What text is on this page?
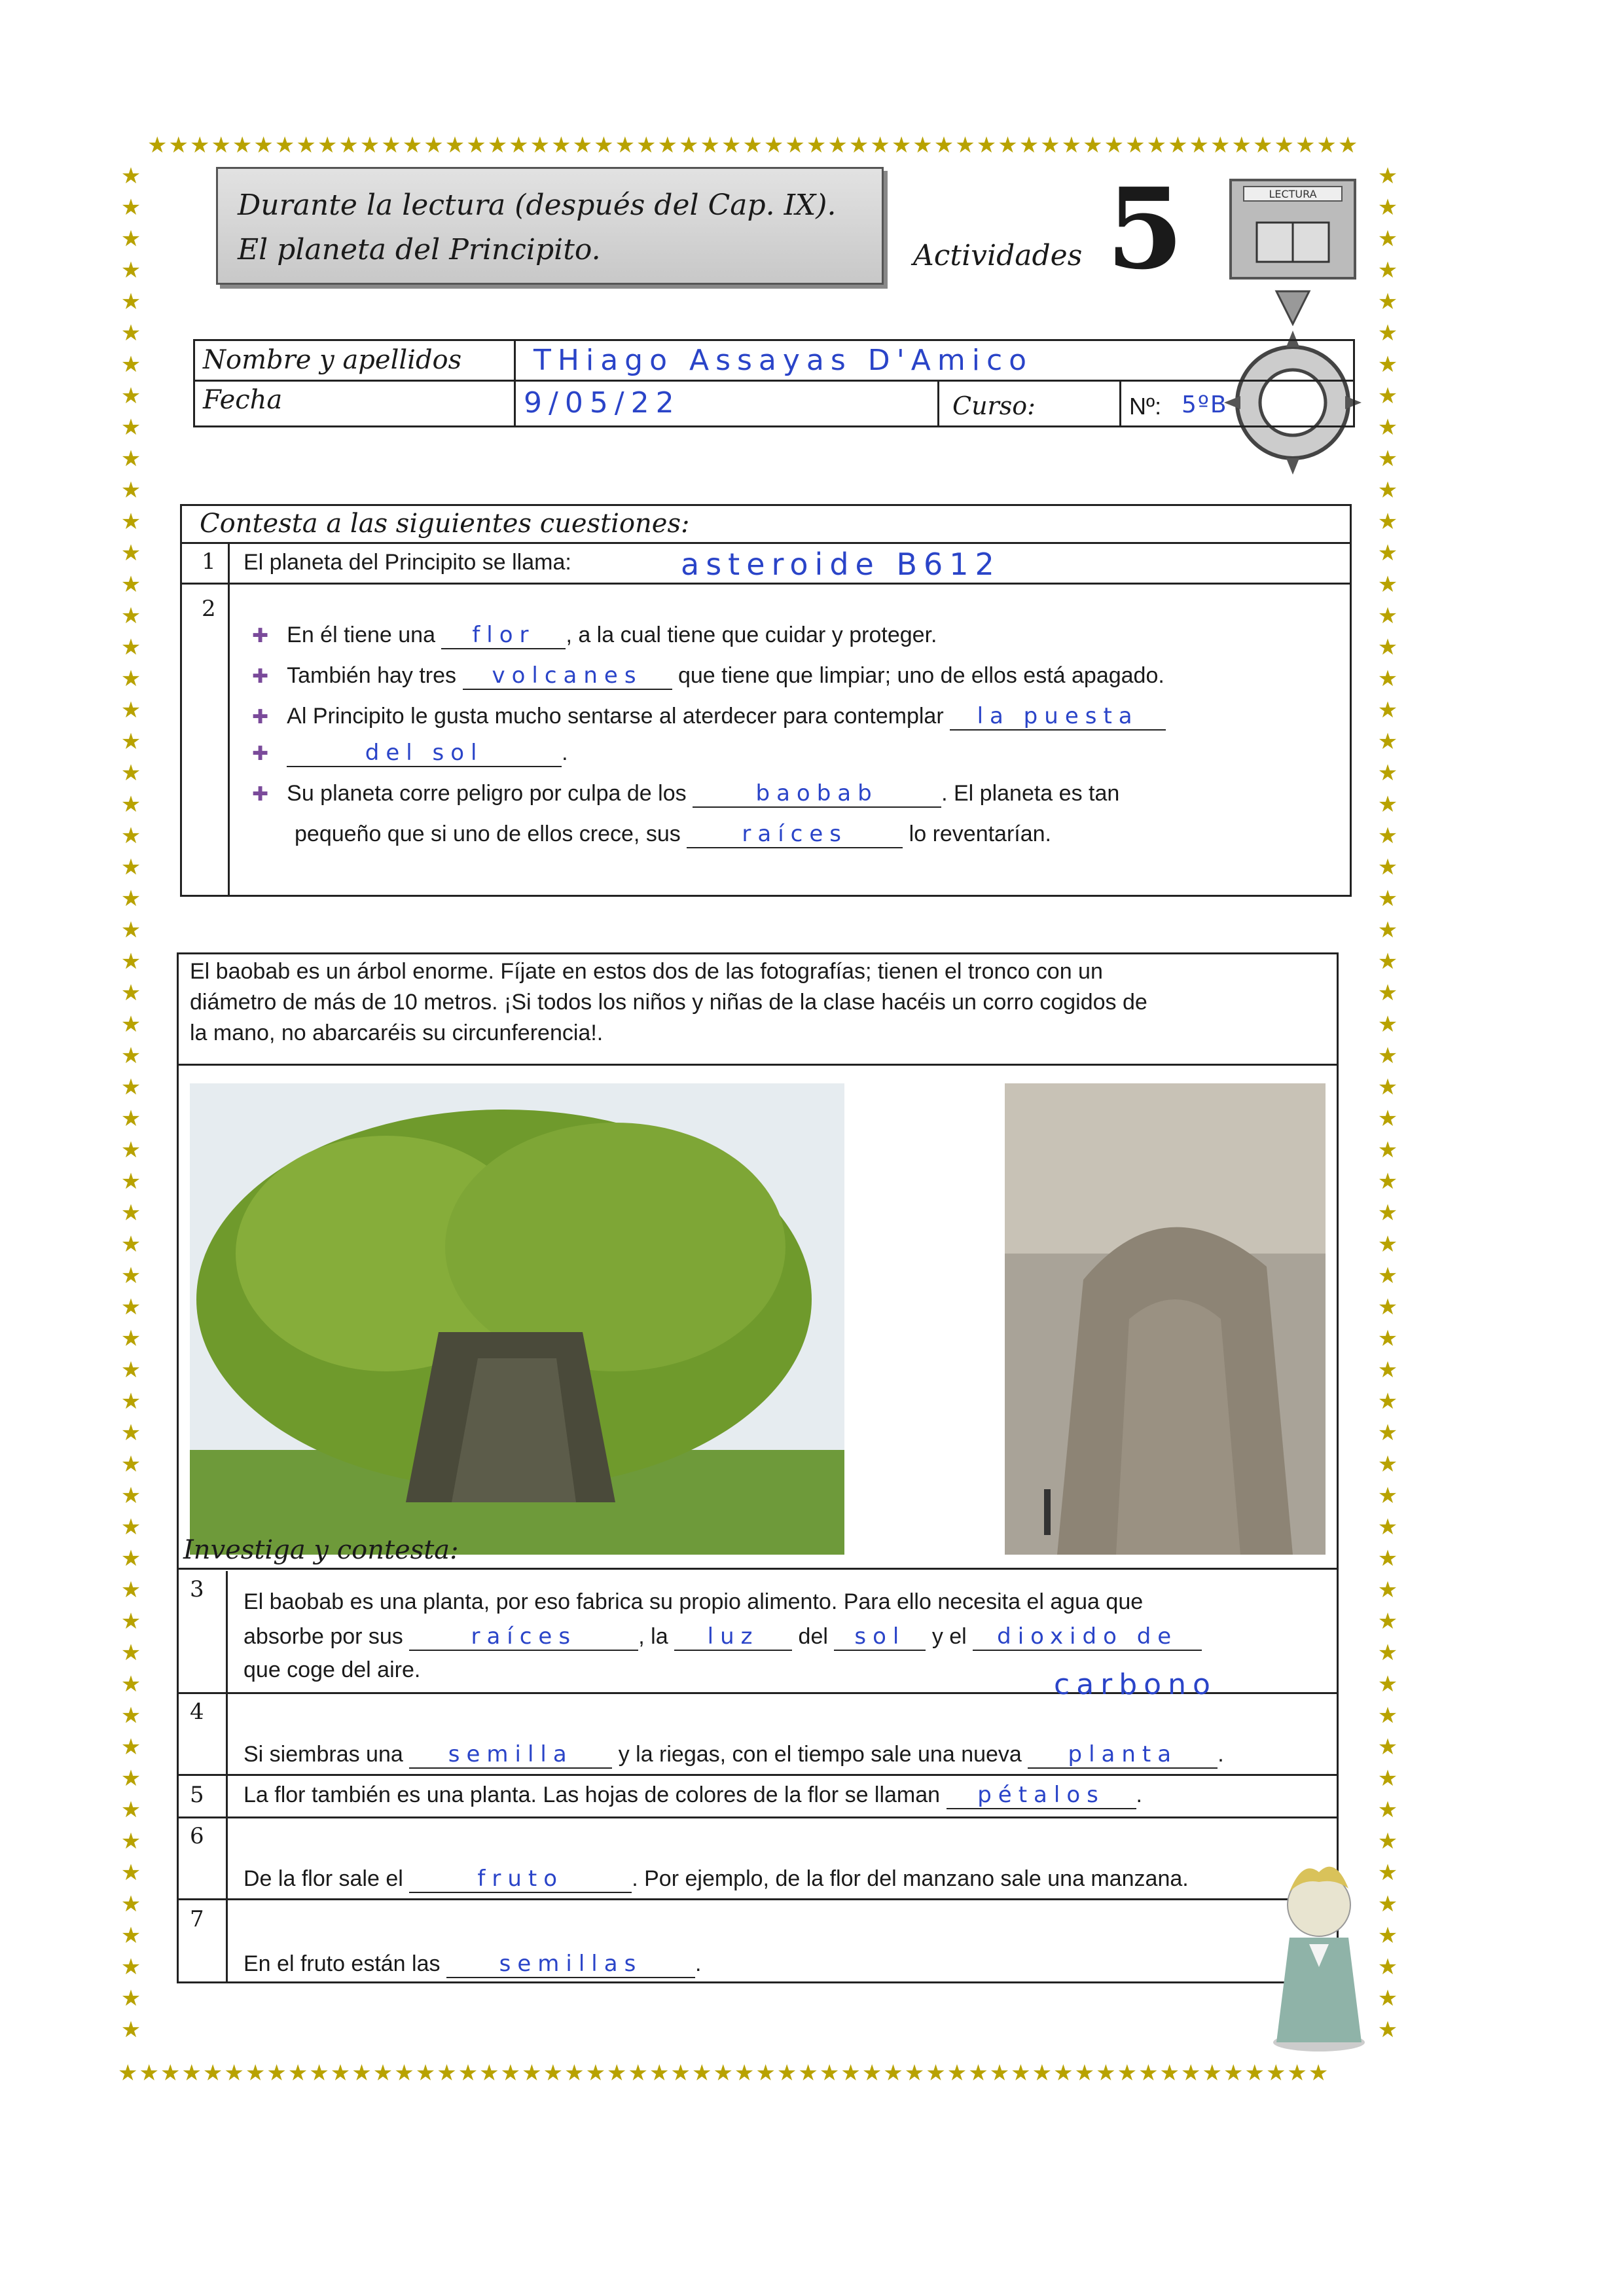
★★★★★★★★★★★★★★★★★★★★★★★★★★★★★★★★★★★★★★★★★★★★★★★★★★★★★★★★★
★★★★★★★★★★★★★★★★★★★★★★★★★★★★★★★★★★★★★★★★★★★★★★★★★★★★★★★★★
★
★
★
★
★
★
★
★
★
★
★
★
★
★
★
★
★
★
★
★
★
★
★
★
★
★
★
★
★
★
★
★
★
★
★
★
★
★
★
★
★
★
★
★
★
★
★
★
★
★
★
★
★
★
★
★
★
★
★
★
★
★
★
★
★
★
★
★
★
★
★
★
★
★
★
★
★
★
★
★
★
★
★
★
★
★
★
★
★
★
★
★
★
★
★
★
★
★
★
★
★
★
★
★
★
★
★
★
★
★
★
★
★
★
★
★
★
★
★
★
Durante la lectura (después del Cap. IX).
El planeta del Principito.	Actividades 5	LECTURA
Nombre y apellidos THiago Assayas D'Amico
Fecha	9/05/22	Curso:	Nº: 5ºB
Contesta a las siguientes cuestiones:
1 El planeta del Principito se llama:	asteroide B612
2
✚ En él tiene una flor , a la cual tiene que cuidar y proteger.
✚ También hay tres volcanes que tiene que limpiar; uno de ellos está apagado.
✚ Al Principito le gusta mucho sentarse al aterdecer para contemplar la puesta
✚	del sol	.
✚ Su planeta corre peligro por culpa de los	baobab	. El planeta es tan
pequeño que si uno de ellos crece, sus	raíces	lo reventarían.
El baobab es un árbol enorme. Fíjate en estos dos de las fotografías; tienen el tronco con un
diámetro de más de 10 metros. ¡Si todos los niños y niñas de la clase hacéis un corro cogidos de
la mano, no abarcaréis su circunferencia!.
Investiga y contesta:
3 El baobab es una planta, por eso fabrica su propio alimento. Para ello necesita el agua que
absorbe por sus	raíces	, la luz del sol y el dioxido de
que coge del aire.	carbono
4
Si siembras una semilla y la riegas, con el tiempo sale una nueva planta .
5 La flor también es una planta. Las hojas de colores de la flor se llaman pétalos .
6
De la flor sale el	fruto	. Por ejemplo, de la flor del manzano sale una manzana.
7
En el fruto están las	semillas .
